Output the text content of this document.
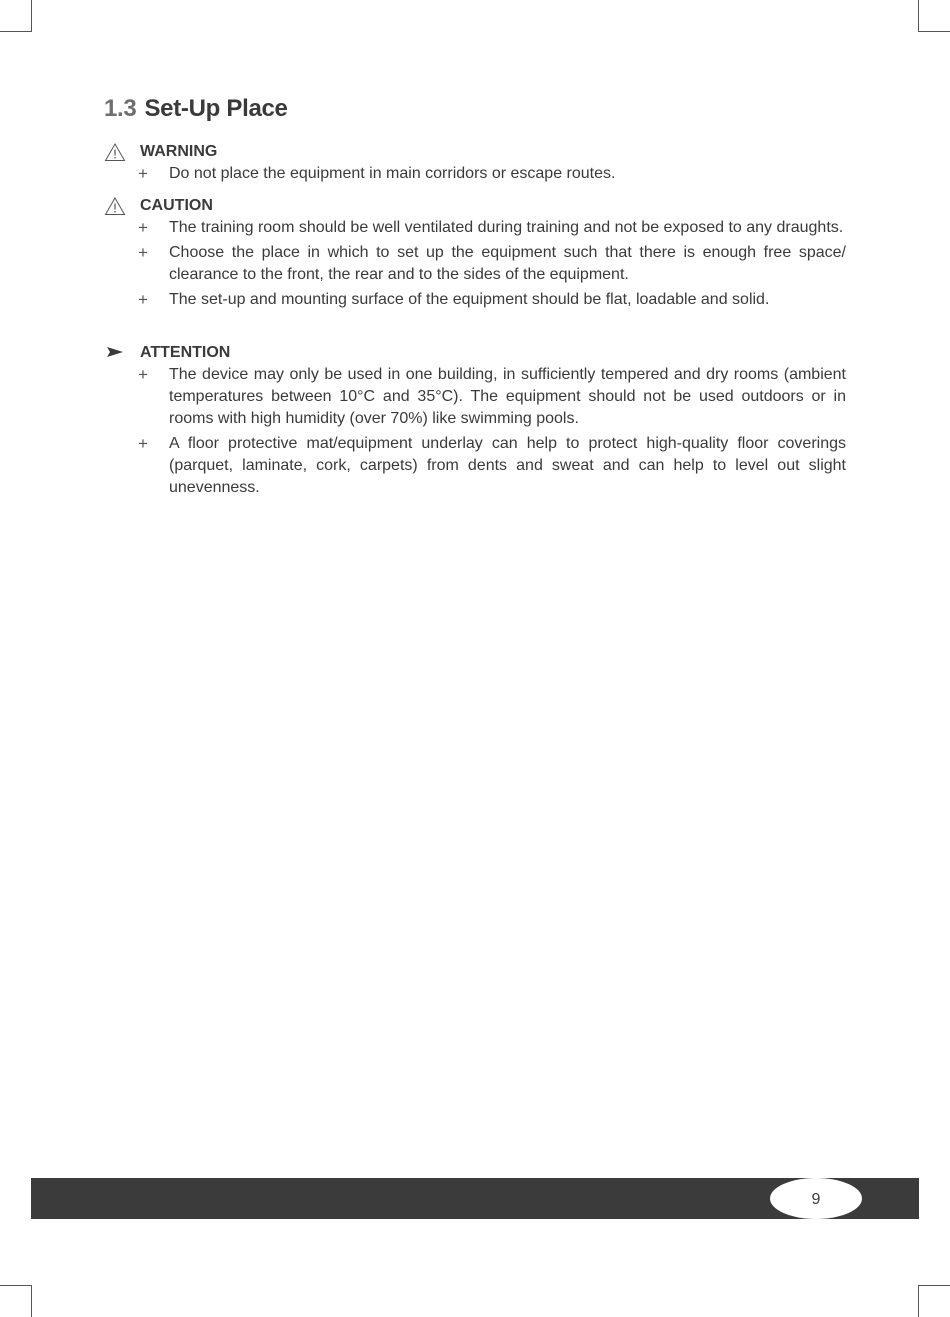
1.3 Set-Up Place
WARNING
+ Do not place the equipment in main corridors or escape routes.
CAUTION
+ The training room should be well ventilated during training and not be exposed to any draughts.
+ Choose the place in which to set up the equipment such that there is enough free space/ clearance to the front, the rear and to the sides of the equipment.
+ The set-up and mounting surface of the equipment should be flat, loadable and solid.
ATTENTION
+ The device may only be used in one building, in sufficiently tempered and dry rooms (ambient temperatures between 10°C and 35°C). The equipment should not be used outdoors or in rooms with high humidity (over 70%) like swimming pools.
+ A floor protective mat/equipment underlay can help to protect high-quality floor coverings (parquet, laminate, cork, carpets) from dents and sweat and can help to level out slight unevenness.
9
